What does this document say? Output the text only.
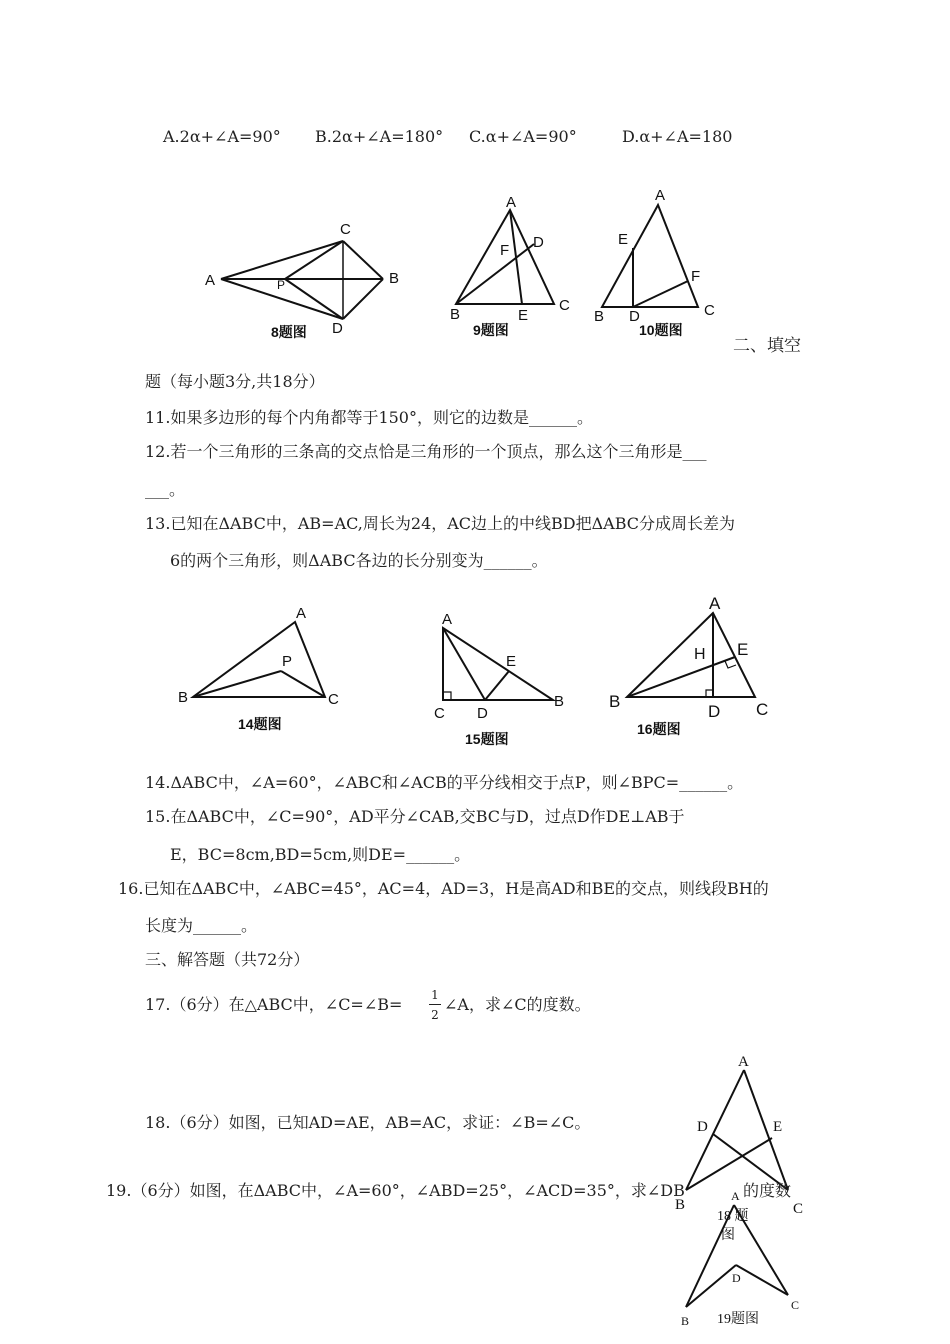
A.2α+∠A=90° B.2α+∠A=180° C.α+∠A=90°	D.α+∠A=180
A	B
C
D
P
8题图
A
B
C
D
E
F
9题图
A
B	C
D
E
F
10题图
二、填空
题（每小题3分,共18分）
11.如果多边形的每个内角都等于150°，则它的边数是______。
12.若一个三角形的三条高的交点恰是三角形的一个顶点，那么这个三角形是___
___。
13.已知在ΔABC中，AB=AC,周长为24，AC边上的中线BD把ΔABC分成周长差为
6的两个三角形，则ΔABC各边的长分别变为______。
A
B	C
P
14题图
A
B
C D
E
15题图
A
B	C
D
E
H
16题图
14.ΔABC中，∠A=60°，∠ABC和∠ACB的平分线相交于点P，则∠BPC=______。
15.在ΔABC中，∠C=90°，AD平分∠CAB,交BC与D，过点D作DE⊥AB于
E，BC=8cm,BD=5cm,则DE=______。
16.已知在ΔABC中，∠ABC=45°，AC=4，AD=3，H是高AD和BE的交点，则线段BH的
长度为______。
三、解答题（共72分）
17.（6分）在△ABC中，∠C=∠B= 1
2
∠A，求∠C的度数。
18.（6分）如图，已知AD=AE，AB=AC，求证：∠B=∠C。
A
B	C
D	E
18 题
图
19.（6分）如图，在ΔABC中，∠A=60°，∠ABD=25°，∠ACD=35°，求∠DB	的度数
A
B
C
D
19题图
